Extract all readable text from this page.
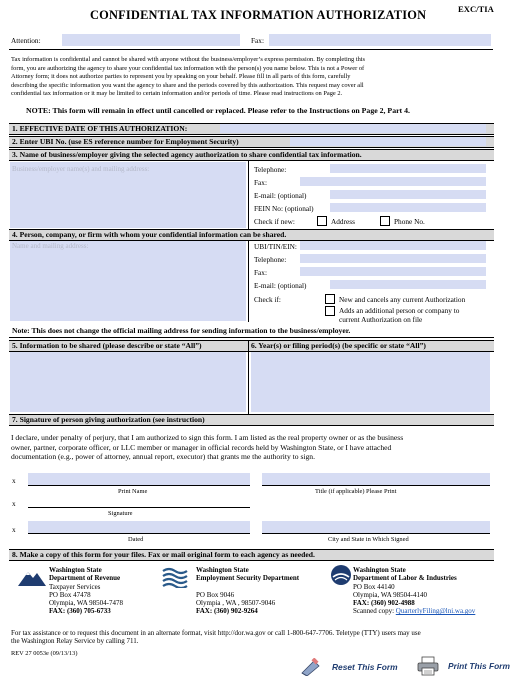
CONFIDENTIAL TAX INFORMATION AUTHORIZATION	EXC/TIA
Attention:	Fax:
Tax information is confidential and cannot be shared with anyone without the business/employer’s express permission. By completing this
form, you are authorizing the agency to share your confidential tax information with the person(s) you name below. This is not a Power of
Attorney form; it does not authorize parties to represent you by speaking on your behalf. Please fill in all parts of this form, carefully
describing the specific information you want the agency to share and the periods covered by this authorization. This request may cover all
confidential tax information or it may be limited to certain information and/or periods of time. Please read instructions on Page 2.
NOTE: This form will remain in effect until cancelled or replaced. Please refer to the Instructions on Page 2, Part 4.
1. EFFECTIVE DATE OF THIS AUTHORIZATION:
2. Enter UBI No. (use ES reference number for Employment Security)
3. Name of business/employer giving the selected agency authorization to share confidential tax information.
Business/employer name(s) and mailing address:	Telephone:
Fax:
E-mail: (optional)
FEIN No: (optional)
Check if new:	Address	Phone No.
4. Person, company, or firm with whom your confidential information can be shared.
Name and mailing address:	UBI/TIN/EIN:
Telephone:
Fax:
E-mail: (optional)
Check if:	New and cancels any current Authorization
Adds an additional person or company to
current Authorization on file
Note: This does not change the official mailing address for sending information to the business/employer.
5. Information to be shared (please describe or state “All”)	6. Year(s) or filing period(s) (be specific or state “All”)
7. Signature of person giving authorization (see instruction)
I declare, under penalty of perjury, that I am authorized to sign this form. I am listed as the real property owner or as the business
owner, partner, corporate officer, or LLC member or manager in official records held by Washington State, or I have attached
documentation (e.g., power of attorney, annual report, executor) that grants me the authority to sign.
x
Print Name	Title (if applicable) Please Print
x
Signature
x
Dated	City and State in Which Signed
8. Make a copy of this form for your files. Fax or mail original form to each agency as needed.
Washington State
Department of Revenue
Taxpayer Services
PO Box 47478
Olympia, WA 98504-7478
FAX: (360) 705-6733
Washington State
Employment Security Department
PO Box 9046
Olympia , WA , 98507-9046
FAX: (360) 902-9264
Washington State
Department of Labor & Industries
PO Box 44140
Olympia, WA 98504-4140
FAX: (360) 902-4988
Scanned copy: QuarterlyFiling@lni.wa.gov
For tax assistance or to request this document in an alternate format, visit http://dor.wa.gov or call 1-800-647-7706. Teletype (TTY) users may use
the Washington Relay Service by calling 711.
REV 27 0053e (09/13/13)
Reset This Form	Print This Form
